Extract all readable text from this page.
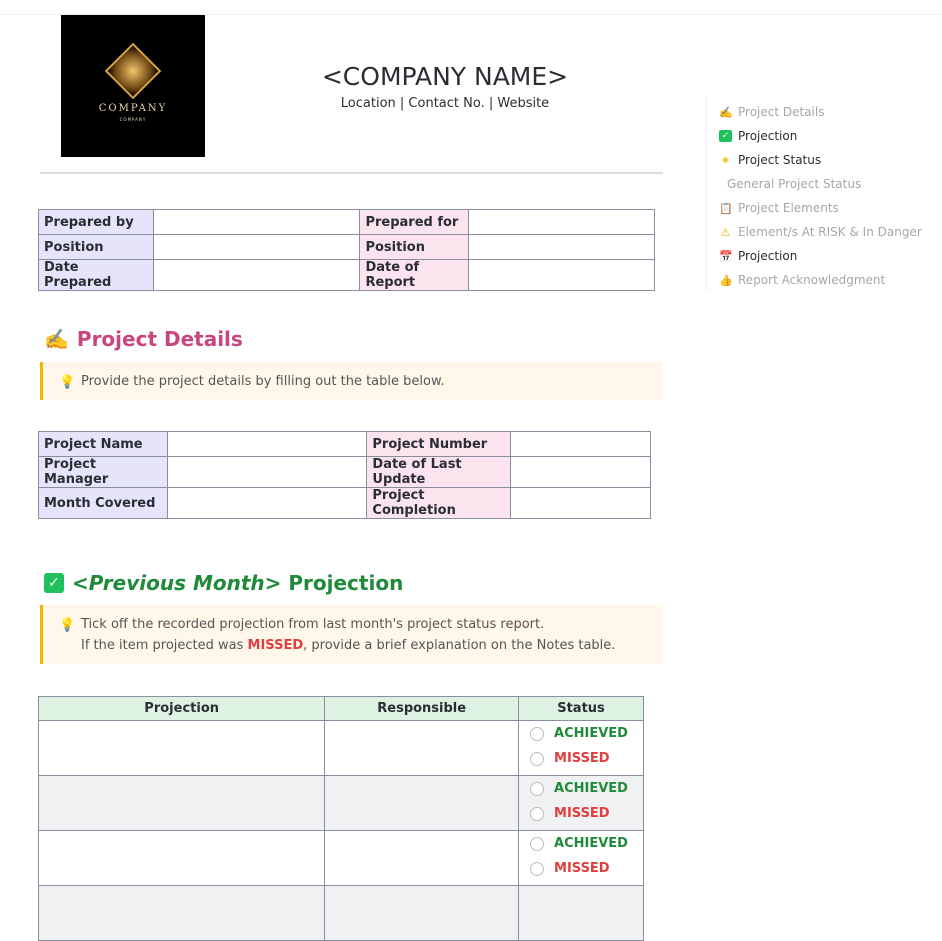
COMPANY
COMPANY
<COMPANY NAME>
Location | Contact No. | Website
Prepared by		Prepared for	
Position		Position	
Date Prepared		Date of Report	
✍️ Project Details
💡 Provide the project details by filling out the table below.
Project Name		Project Number	
Project Manager		Date of Last Update	
Month Covered		Project Completion	
✓ <Previous Month> Projection
💡 Tick off the recorded projection from last month's project status report.
If the item projected was MISSED, provide a brief explanation on the Notes table.
Projection	Responsible	Status

		ACHIEVED
MISSED

		ACHIEVED
MISSED

		ACHIEVED
MISSED

✍️ Project Details
✓ Projection
✷ Project Status
General Project Status
📋 Project Elements
⚠ Element/s At RISK & In Danger
📅 Projection
👍 Report Acknowledgment
